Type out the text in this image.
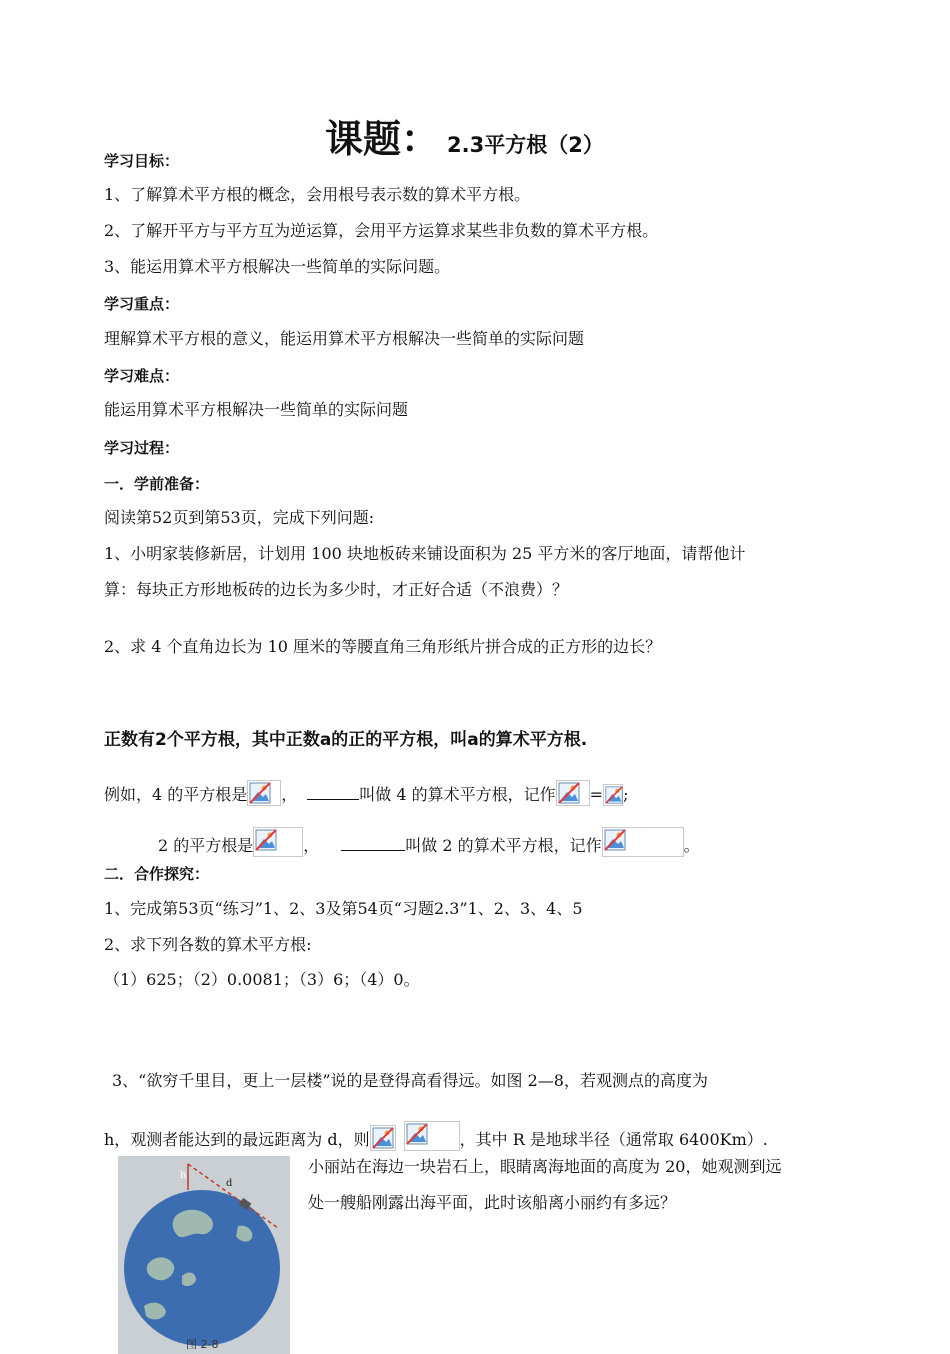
课题： 2.3平方根（2）
学习目标：
1、了解算术平方根的概念，会用根号表示数的算术平方根。
2、了解开平方与平方互为逆运算，会用平方运算求某些非负数的算术平方根。
3、能运用算术平方根解决一些简单的实际问题。
学习重点：
理解算术平方根的意义，能运用算术平方根解决一些简单的实际问题
学习难点：
能运用算术平方根解决一些简单的实际问题
学习过程：
一．学前准备：
阅读第52页到第53页，完成下列问题:
1、小明家装修新居，计划用 100 块地板砖来铺设面积为 25 平方米的客厅地面，请帮他计
算：每块正方形地板砖的边长为多少时，才正好合适（不浪费）？
2、求 4 个直角边长为 10 厘米的等腰直角三角形纸片拼合成的正方形的边长？
正数有2个平方根，其中正数a的正的平方根，叫a的算术平方根.
例如，4 的平方根是 ，	叫做 4 的算术平方根，记作 = ;
2 的平方根是	，	叫做 2 的算术平方根，记作	。
二．合作探究：
1、完成第53页“练习”1、2、3及第54页“习题2.3”1、2、3、4、5
2、求下列各数的算术平方根:
（1）625；（2）0.0081；（3）6；（4）0。
3、“欲穷千里目，更上一层楼”说的是登得高看得远。如图 2—8，若观测点的高度为
h，观测者能达到的最远距离为 d，则	，其中 R 是地球半径（通常取 6400Km）.
小丽站在海边一块岩石上，眼睛离海地面的高度为 20，她观测到远
处一艘船刚露出海平面，此时该船离小丽约有多远？
h
d
图 2-8
